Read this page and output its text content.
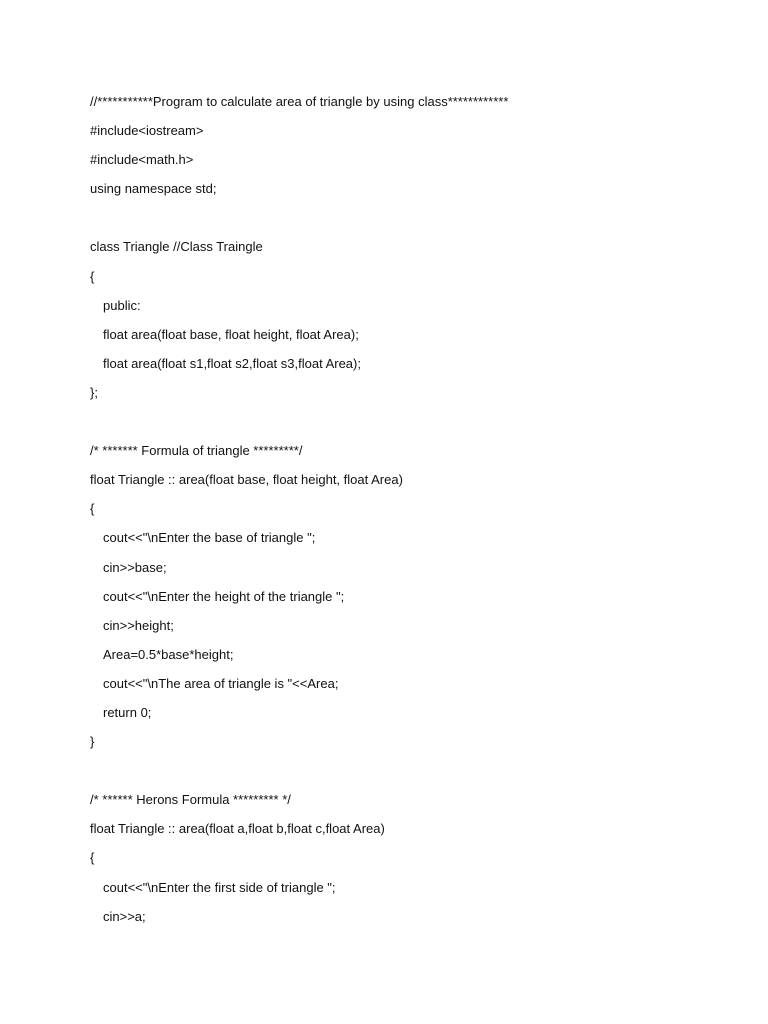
//***********Program to calculate area of triangle by using class************
#include<iostream>
#include<math.h>
using namespace std;
class Triangle //Class Traingle
{
public:
float area(float base, float height, float Area);
float area(float s1,float s2,float s3,float Area);
};
/* ******* Formula of triangle *********/
float Triangle :: area(float base, float height, float Area)
{
cout<<"\nEnter the base of triangle ";
cin>>base;
cout<<"\nEnter the height of the triangle ";
cin>>height;
Area=0.5*base*height;
cout<<"\nThe area of triangle is "<<Area;
return 0;
}
/* ****** Herons Formula ********* */
float Triangle :: area(float a,float b,float c,float Area)
{
cout<<"\nEnter the first side of triangle ";
cin>>a;
